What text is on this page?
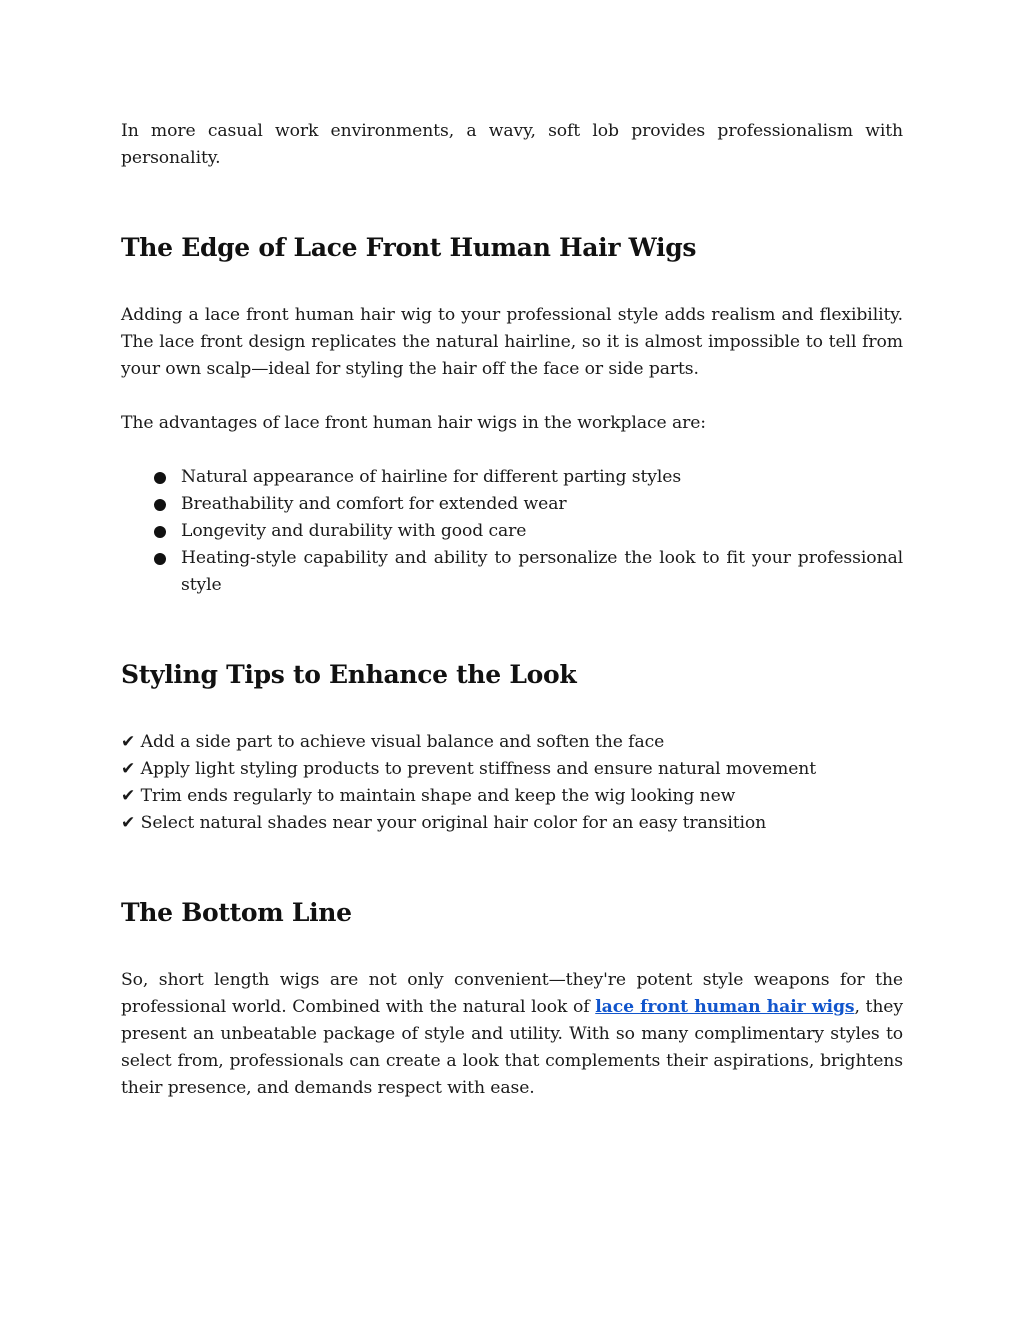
In more casual work environments, a wavy, soft lob provides professionalism with personality.

The Edge of Lace Front Human Hair Wigs

Adding a lace front human hair wig to your professional style adds realism and flexibility. The lace front design replicates the natural hairline, so it is almost impossible to tell from your own scalp—ideal for styling the hair off the face or side parts.

The advantages of lace front human hair wigs in the workplace are:

Natural appearance of hairline for different parting styles
Breathability and comfort for extended wear
Longevity and durability with good care
Heating-style capability and ability to personalize the look to fit your professional style
Styling Tips to Enhance the Look
✔ Add a side part to achieve visual balance and soften the face
✔ Apply light styling products to prevent stiffness and ensure natural movement
✔ Trim ends regularly to maintain shape and keep the wig looking new
✔ Select natural shades near your original hair color for an easy transition
The Bottom Line

So, short length wigs are not only convenient—they're potent style weapons for the professional world. Combined with the natural look of lace front human hair wigs, they present an unbeatable package of style and utility. With so many complimentary styles to select from, professionals can create a look that complements their aspirations, brightens their presence, and demands respect with ease.
